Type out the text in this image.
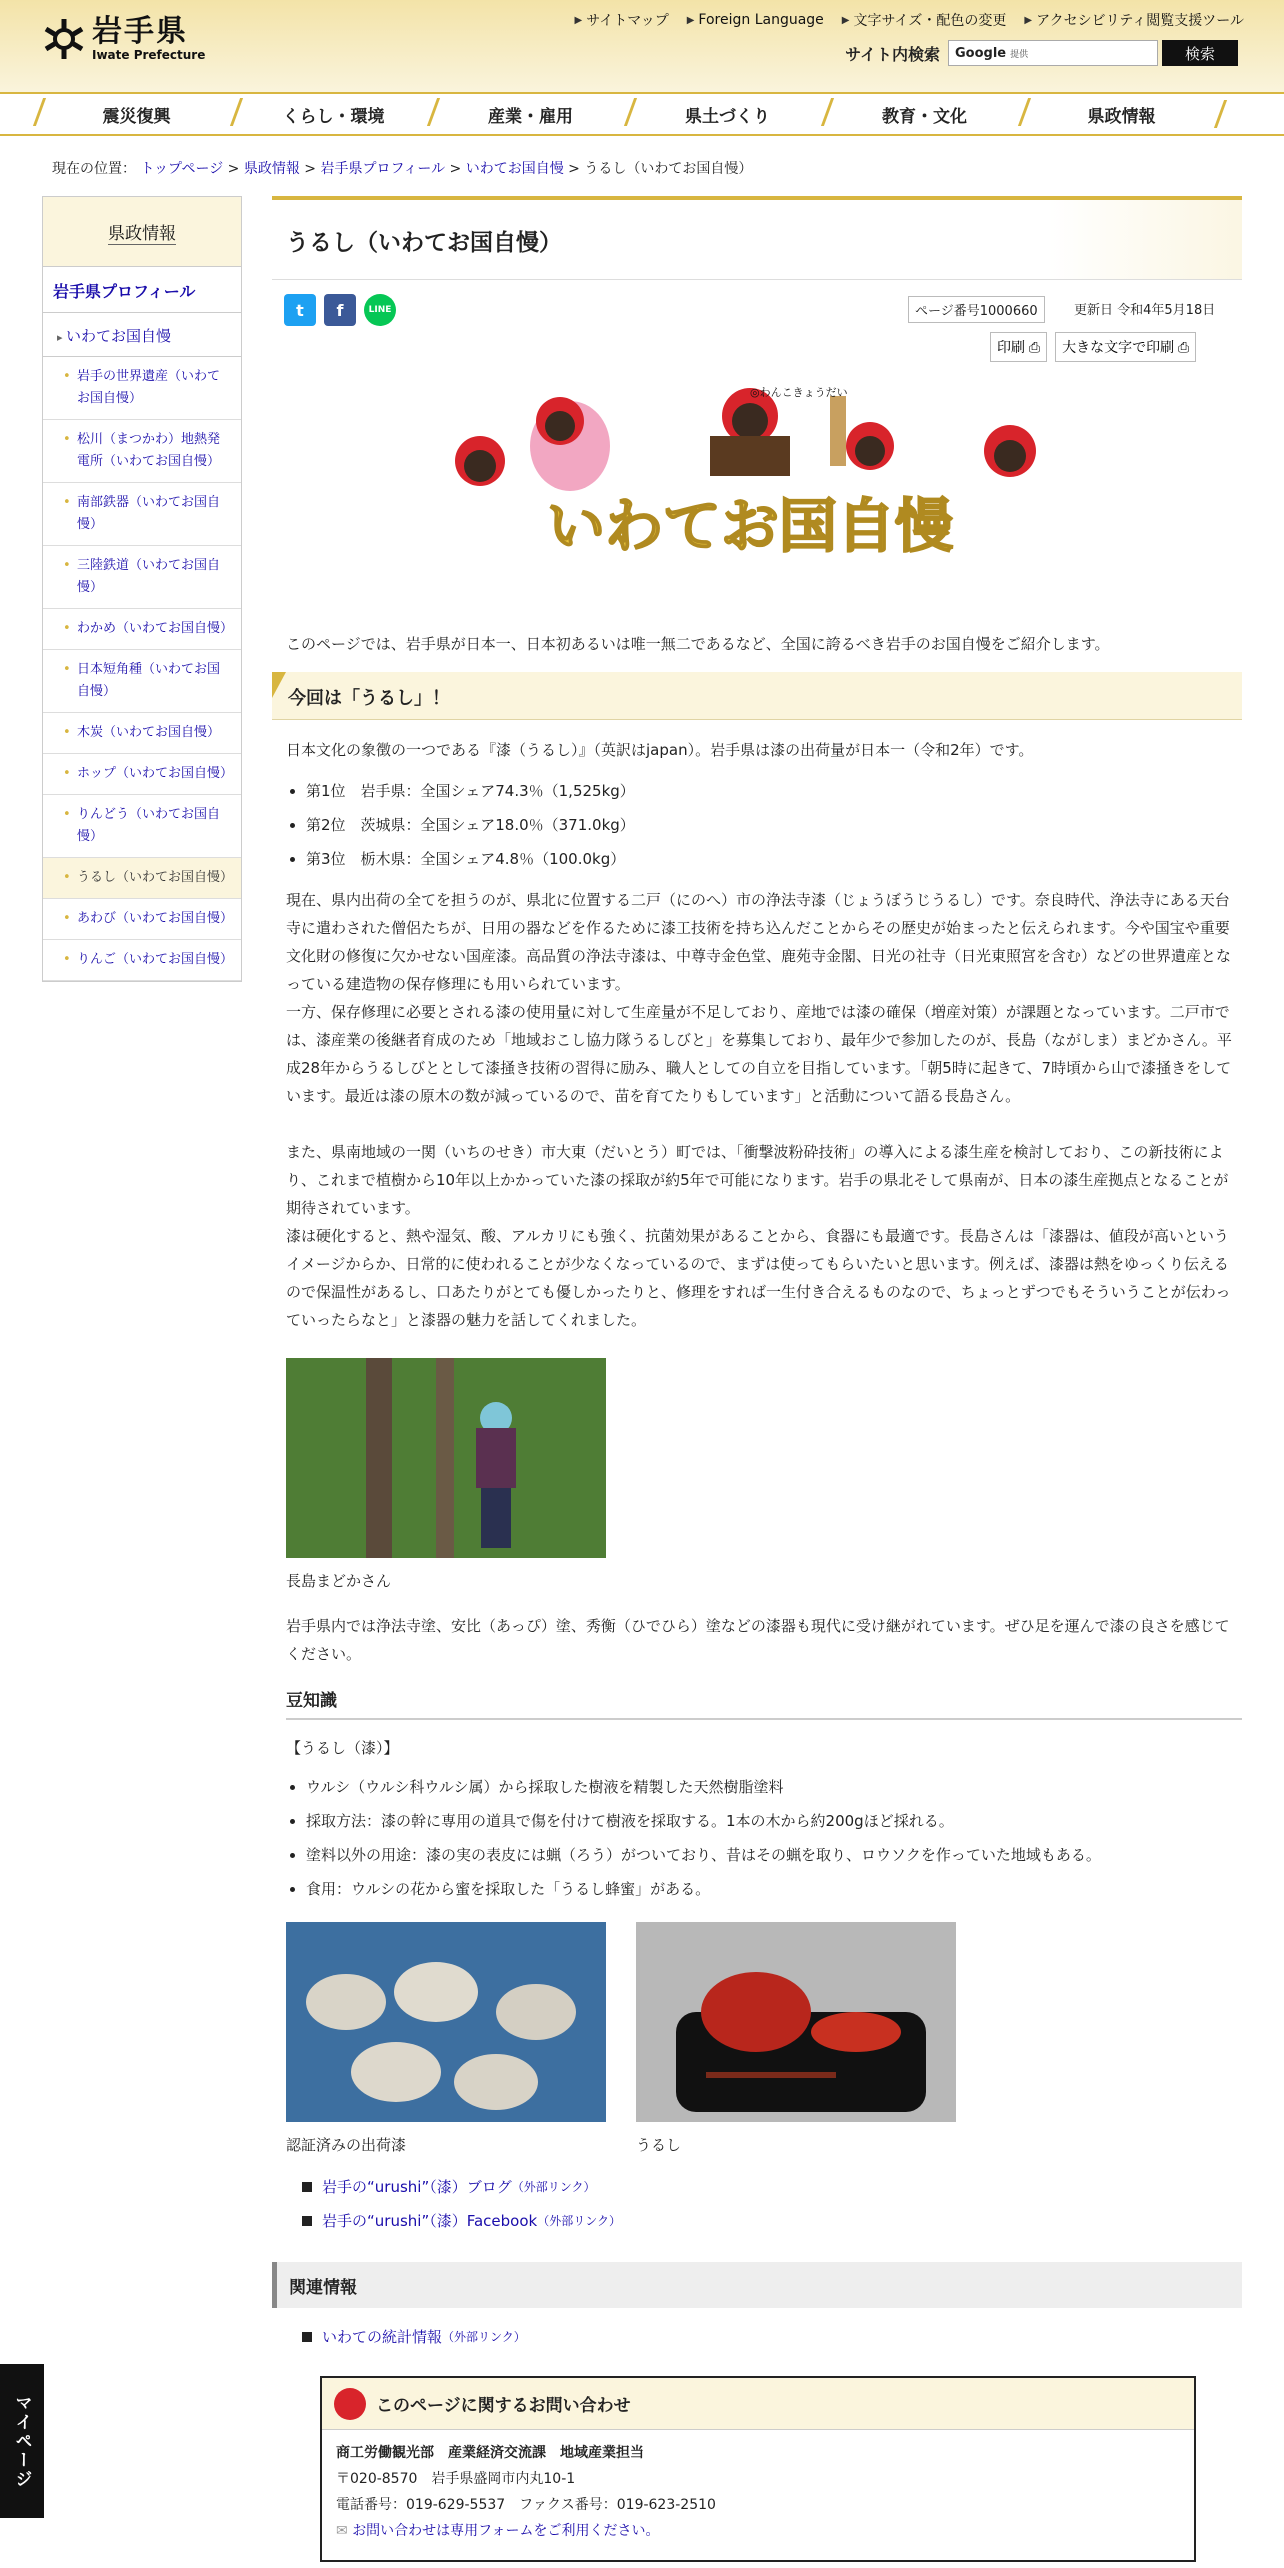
岩手県
Iwate Prefecture
▶ サイトマップ ▶ Foreign Language ▶ 文字サイズ・配色の変更 ▶ アクセシビリティ閲覧支援ツール
サイト内検索 Google 提供	検索
震災復興	くらし・環境	産業・雇用	県土づくり	教育・文化	県政情報
現在の位置： トップページ > 県政情報 > 岩手県プロフィール > いわてお国自慢 > うるし（いわてお国自慢）
県政情報
岩手県プロフィール
▸ いわてお国自慢
• 岩手の世界遺産（いわてお国自慢）
• 松川（まつかわ）地熱発電所（いわてお国自慢）
• 南部鉄器（いわてお国自慢）
• 三陸鉄道（いわてお国自慢）
• わかめ（いわてお国自慢）
• 日本短角種（いわてお国自慢）
• 木炭（いわてお国自慢）
• ホップ（いわてお国自慢）
• りんどう（いわてお国自慢）
• うるし（いわてお国自慢）
• あわび（いわてお国自慢）
• りんご（いわてお国自慢）
うるし（いわてお国自慢）
t	f	LINE	ページ番号1000660	更新日 令和4年5月18日
印刷 ⎙	大きな文字で印刷 ⎙
◎わんこきょうだい
いわてお国自慢
このページでは、岩手県が日本一、日本初あるいは唯一無二であるなど、全国に誇るべき岩手のお国自慢をご紹介します。
今回は「うるし」！
日本文化の象徴の一つである『漆（うるし）』（英訳はjapan）。岩手県は漆の出荷量が日本一（令和2年）です。
• 第1位　岩手県：全国シェア74.3％（1,525kg）
• 第2位　茨城県：全国シェア18.0％（371.0kg）
• 第3位　栃木県：全国シェア4.8％（100.0kg）
現在、県内出荷の全てを担うのが、県北に位置する二戸（にのへ）市の浄法寺漆（じょうぼうじうるし）です。奈良時代、浄法寺にある天台寺に遣わされた僧侶たちが、日用の器などを作るために漆工技術を持ち込んだことからその歴史が始まったと伝えられます。今や国宝や重要文化財の修復に欠かせない国産漆。高品質の浄法寺漆は、中尊寺金色堂、鹿苑寺金閣、日光の社寺（日光東照宮を含む）などの世界遺産となっている建造物の保存修理にも用いられています。
一方、保存修理に必要とされる漆の使用量に対して生産量が不足しており、産地では漆の確保（増産対策）が課題となっています。二戸市では、漆産業の後継者育成のため「地域おこし協力隊うるしびと」を募集しており、最年少で参加したのが、長島（ながしま）まどかさん。平成28年からうるしびととして漆掻き技術の習得に励み、職人としての自立を目指しています。「朝5時に起きて、7時頃から山で漆掻きをしています。最近は漆の原木の数が減っているので、苗を育てたりもしています」と活動について語る長島さん。
また、県南地域の一関（いちのせき）市大東（だいとう）町では、「衝撃波粉砕技術」の導入による漆生産を検討しており、この新技術により、これまで植樹から10年以上かかっていた漆の採取が約5年で可能になります。岩手の県北そして県南が、日本の漆生産拠点となることが期待されています。
漆は硬化すると、熱や湿気、酸、アルカリにも強く、抗菌効果があることから、食器にも最適です。長島さんは「漆器は、値段が高いというイメージからか、日常的に使われることが少なくなっているので、まずは使ってもらいたいと思います。例えば、漆器は熱をゆっくり伝えるので保温性があるし、口あたりがとても優しかったりと、修理をすれば一生付き合えるものなので、ちょっとずつでもそういうことが伝わっていったらなと」と漆器の魅力を話してくれました。
長島まどかさん
岩手県内では浄法寺塗、安比（あっぴ）塗、秀衡（ひでひら）塗などの漆器も現代に受け継がれています。ぜひ足を運んで漆の良さを感じてください。
豆知識
【うるし（漆）】
• ウルシ（ウルシ科ウルシ属）から採取した樹液を精製した天然樹脂塗料
• 採取方法：漆の幹に専用の道具で傷を付けて樹液を採取する。1本の木から約200gほど採れる。
• 塗料以外の用途：漆の実の表皮には蝋（ろう）がついており、昔はその蝋を取り、ロウソクを作っていた地域もある。
• 食用：ウルシの花から蜜を採取した「うるし蜂蜜」がある。
認証済みの出荷漆	うるし
岩手の“urushi”（漆）ブログ （外部リンク）
岩手の“urushi”（漆）Facebook （外部リンク）
関連情報
いわての統計情報 （外部リンク）
このページに関するお問い合わせ
商工労働観光部　産業経済交流課　地域産業担当
〒020-8570　岩手県盛岡市内丸10-1
電話番号：019-629-5537　ファクス番号：019-623-2510
✉ お問い合わせは専用フォームをご利用ください。
マイページ
